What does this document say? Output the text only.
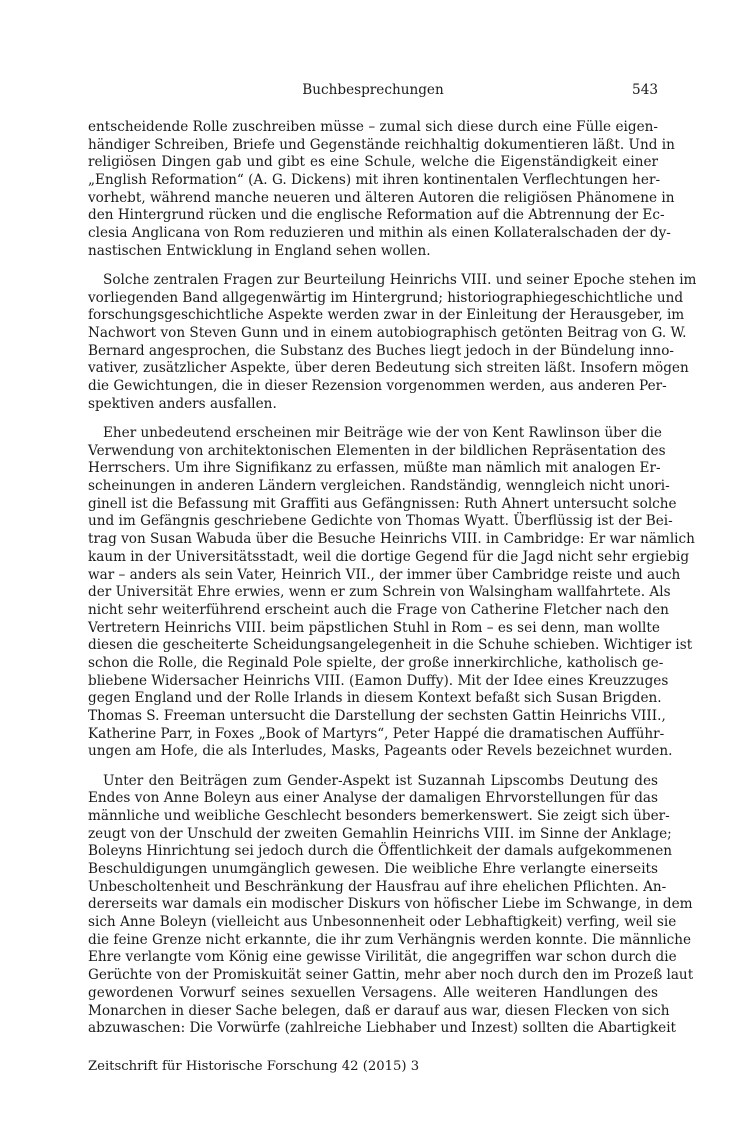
Buchbesprechungen	543
entscheidende Rolle zuschreiben müsse – zumal sich diese durch eine Fülle eigen-
händiger Schreiben, Briefe und Gegenstände reichhaltig dokumentieren läßt. Und in
religiösen Dingen gab und gibt es eine Schule, welche die Eigenständigkeit einer
„English Reformation“ (A. G. Dickens) mit ihren kontinentalen Verflechtungen her-
vorhebt, während manche neueren und älteren Autoren die religiösen Phänomene in
den Hintergrund rücken und die englische Reformation auf die Abtrennung der Ec-
clesia Anglicana von Rom reduzieren und mithin als einen Kollateralschaden der dy-
nastischen Entwicklung in England sehen wollen.
Solche zentralen Fragen zur Beurteilung Heinrichs VIII. und seiner Epoche stehen im
vorliegenden Band allgegenwärtig im Hintergrund; historiographiegeschichtliche und
forschungsgeschichtliche Aspekte werden zwar in der Einleitung der Herausgeber, im
Nachwort von Steven Gunn und in einem autobiographisch getönten Beitrag von G. W.
Bernard angesprochen, die Substanz des Buches liegt jedoch in der Bündelung inno-
vativer, zusätzlicher Aspekte, über deren Bedeutung sich streiten läßt. Insofern mögen
die Gewichtungen, die in dieser Rezension vorgenommen werden, aus anderen Per-
spektiven anders ausfallen.
Eher unbedeutend erscheinen mir Beiträge wie der von Kent Rawlinson über die
Verwendung von architektonischen Elementen in der bildlichen Repräsentation des
Herrschers. Um ihre Signifikanz zu erfassen, müßte man nämlich mit analogen Er-
scheinungen in anderen Ländern vergleichen. Randständig, wenngleich nicht unori-
ginell ist die Befassung mit Graffiti aus Gefängnissen: Ruth Ahnert untersucht solche
und im Gefängnis geschriebene Gedichte von Thomas Wyatt. Überflüssig ist der Bei-
trag von Susan Wabuda über die Besuche Heinrichs VIII. in Cambridge: Er war nämlich
kaum in der Universitätsstadt, weil die dortige Gegend für die Jagd nicht sehr ergiebig
war – anders als sein Vater, Heinrich VII., der immer über Cambridge reiste und auch
der Universität Ehre erwies, wenn er zum Schrein von Walsingham wallfahrtete. Als
nicht sehr weiterführend erscheint auch die Frage von Catherine Fletcher nach den
Vertretern Heinrichs VIII. beim päpstlichen Stuhl in Rom – es sei denn, man wollte
diesen die gescheiterte Scheidungsangelegenheit in die Schuhe schieben. Wichtiger ist
schon die Rolle, die Reginald Pole spielte, der große innerkirchliche, katholisch ge-
bliebene Widersacher Heinrichs VIII. (Eamon Duffy). Mit der Idee eines Kreuzzuges
gegen England und der Rolle Irlands in diesem Kontext befaßt sich Susan Brigden.
Thomas S. Freeman untersucht die Darstellung der sechsten Gattin Heinrichs VIII.,
Katherine Parr, in Foxes „Book of Martyrs“, Peter Happé die dramatischen Aufführ-
ungen am Hofe, die als Interludes, Masks, Pageants oder Revels bezeichnet wurden.
Unter den Beiträgen zum Gender-Aspekt ist Suzannah Lipscombs Deutung des
Endes von Anne Boleyn aus einer Analyse der damaligen Ehrvorstellungen für das
männliche und weibliche Geschlecht besonders bemerkenswert. Sie zeigt sich über-
zeugt von der Unschuld der zweiten Gemahlin Heinrichs VIII. im Sinne der Anklage;
Boleyns Hinrichtung sei jedoch durch die Öffentlichkeit der damals aufgekommenen
Beschuldigungen unumgänglich gewesen. Die weibliche Ehre verlangte einerseits
Unbescholtenheit und Beschränkung der Hausfrau auf ihre ehelichen Pflichten. An-
dererseits war damals ein modischer Diskurs von höfischer Liebe im Schwange, in dem
sich Anne Boleyn (vielleicht aus Unbesonnenheit oder Lebhaftigkeit) verfing, weil sie
die feine Grenze nicht erkannte, die ihr zum Verhängnis werden konnte. Die männliche
Ehre verlangte vom König eine gewisse Virilität, die angegriffen war schon durch die
Gerüchte von der Promiskuität seiner Gattin, mehr aber noch durch den im Prozeß laut
gewordenen Vorwurf seines sexuellen Versagens. Alle weiteren Handlungen des
Monarchen in dieser Sache belegen, daß er darauf aus war, diesen Flecken von sich
abzuwaschen: Die Vorwürfe (zahlreiche Liebhaber und Inzest) sollten die Abartigkeit
Zeitschrift für Historische Forschung 42 (2015) 3
